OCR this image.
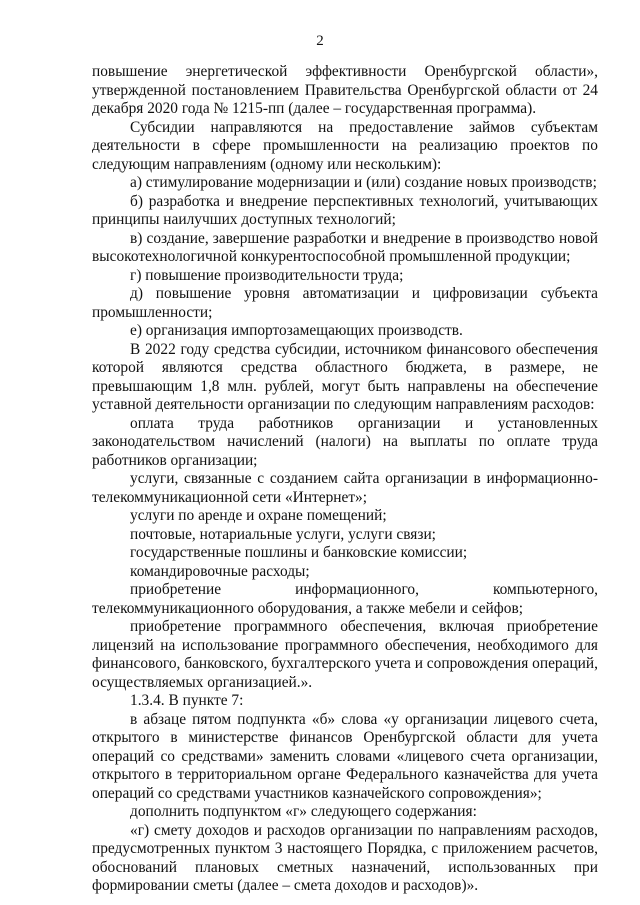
2

повышение энергетической эффективности Оренбургской области», утвержденной постановлением Правительства Оренбургской области от 24 декабря 2020 года № 1215-пп (далее – государственная программа).

Субсидии направляются на предоставление займов субъектам деятельности в сфере промышленности на реализацию проектов по следующим направлениям (одному или нескольким):

а) стимулирование модернизации и (или) создание новых производств;

б) разработка и внедрение перспективных технологий, учитывающих принципы наилучших доступных технологий;

в) создание, завершение разработки и внедрение в производство новой высокотехнологичной конкурентоспособной промышленной продукции;

г) повышение производительности труда;

д) повышение уровня автоматизации и цифровизации субъекта промышленности;

е) организация импортозамещающих производств.

В 2022 году средства субсидии, источником финансового обеспечения которой являются средства областного бюджета, в размере, не превышающим 1,8 млн. рублей, могут быть направлены на обеспечение уставной деятельности организации по следующим направлениям расходов:

оплата труда работников организации и установленных законодательством начислений (налоги) на выплаты по оплате труда работников организации;

услуги, связанные с созданием сайта организации в информационно-телекоммуникационной сети «Интернет»;

услуги по аренде и охране помещений;

почтовые, нотариальные услуги, услуги связи;

государственные пошлины и банковские комиссии;

командировочные расходы;

приобретение информационного, компьютерного, телекоммуникационного оборудования, а также мебели и сейфов;

приобретение программного обеспечения, включая приобретение лицензий на использование программного обеспечения, необходимого для финансового, банковского, бухгалтерского учета и сопровождения операций, осуществляемых организацией.».

1.3.4. В пункте 7:

в абзаце пятом подпункта «б» слова «у организации лицевого счета, открытого в министерстве финансов Оренбургской области для учета операций со средствами» заменить словами «лицевого счета организации, открытого в территориальном органе Федерального казначейства для учета операций со средствами участников казначейского сопровождения»;

дополнить подпунктом «г» следующего содержания:

«г) смету доходов и расходов организации по направлениям расходов, предусмотренных пунктом 3 настоящего Порядка, с приложением расчетов, обоснований плановых сметных назначений, использованных при формировании сметы (далее – смета доходов и расходов)».
